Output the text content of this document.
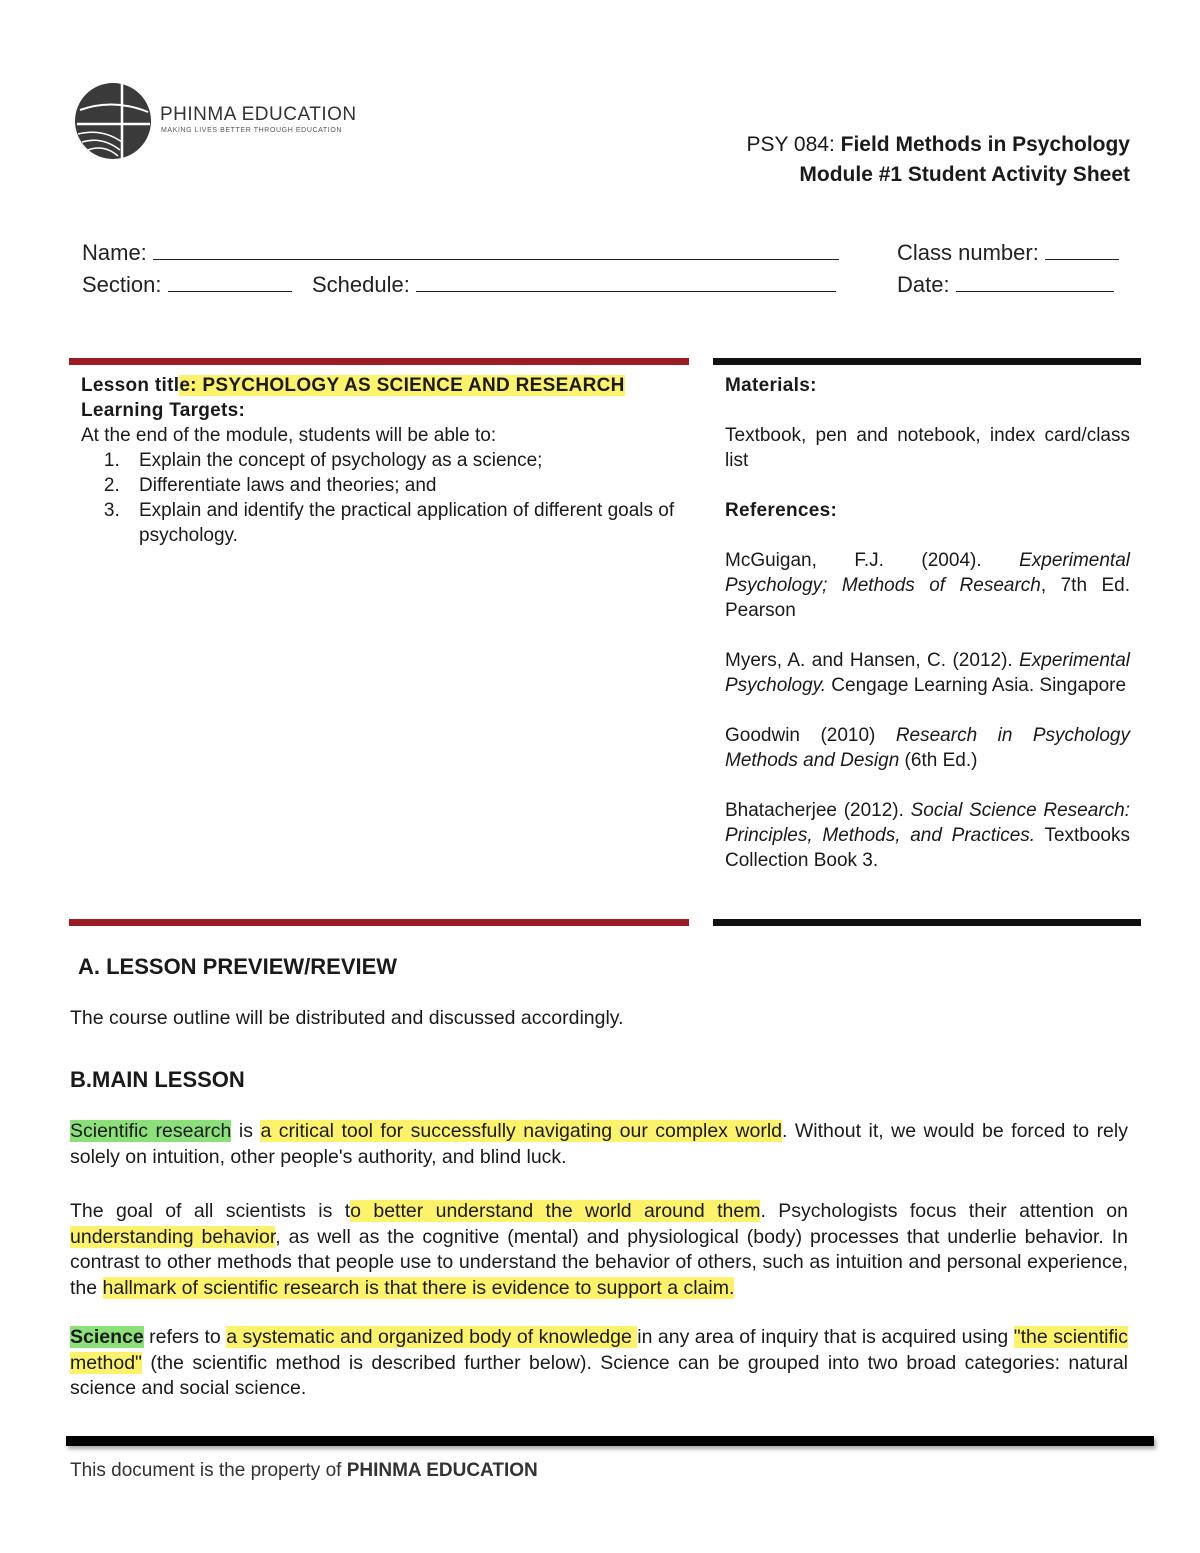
PHINMA EDUCATION
MAKING LIVES BETTER THROUGH EDUCATION
PSY 084: Field Methods in Psychology
Module #1 Student Activity Sheet
Name:	Class number:
Section:	Schedule:	Date:
Lesson title: PSYCHOLOGY AS SCIENCE AND RESEARCH
Learning Targets:
At the end of the module, students will be able to:
1. Explain the concept of psychology as a science;
2. Differentiate laws and theories; and
3. Explain and identify the practical application of different goals of psychology.
Materials:
Textbook, pen and notebook, index card/class list
References:
McGuigan, F.J. (2004). Experimental Psychology; Methods of Research, 7th Ed. Pearson
Myers, A. and Hansen, C. (2012). Experimental Psychology. Cengage Learning Asia. Singapore
Goodwin (2010) Research in Psychology Methods and Design (6th Ed.)
Bhatacherjee (2012). Social Science Research: Principles, Methods, and Practices. Textbooks Collection Book 3.
A. LESSON PREVIEW/REVIEW
The course outline will be distributed and discussed accordingly.
B.MAIN LESSON
Scientific research is a critical tool for successfully navigating our complex world. Without it, we would be forced to rely solely on intuition, other people's authority, and blind luck.
The goal of all scientists is to better understand the world around them. Psychologists focus their attention on understanding behavior, as well as the cognitive (mental) and physiological (body) processes that underlie behavior. In contrast to other methods that people use to understand the behavior of others, such as intuition and personal experience, the hallmark of scientific research is that there is evidence to support a claim.
Science refers to a systematic and organized body of knowledge in any area of inquiry that is acquired using "the scientific method" (the scientific method is described further below). Science can be grouped into two broad categories: natural science and social science.
This document is the property of PHINMA EDUCATION
